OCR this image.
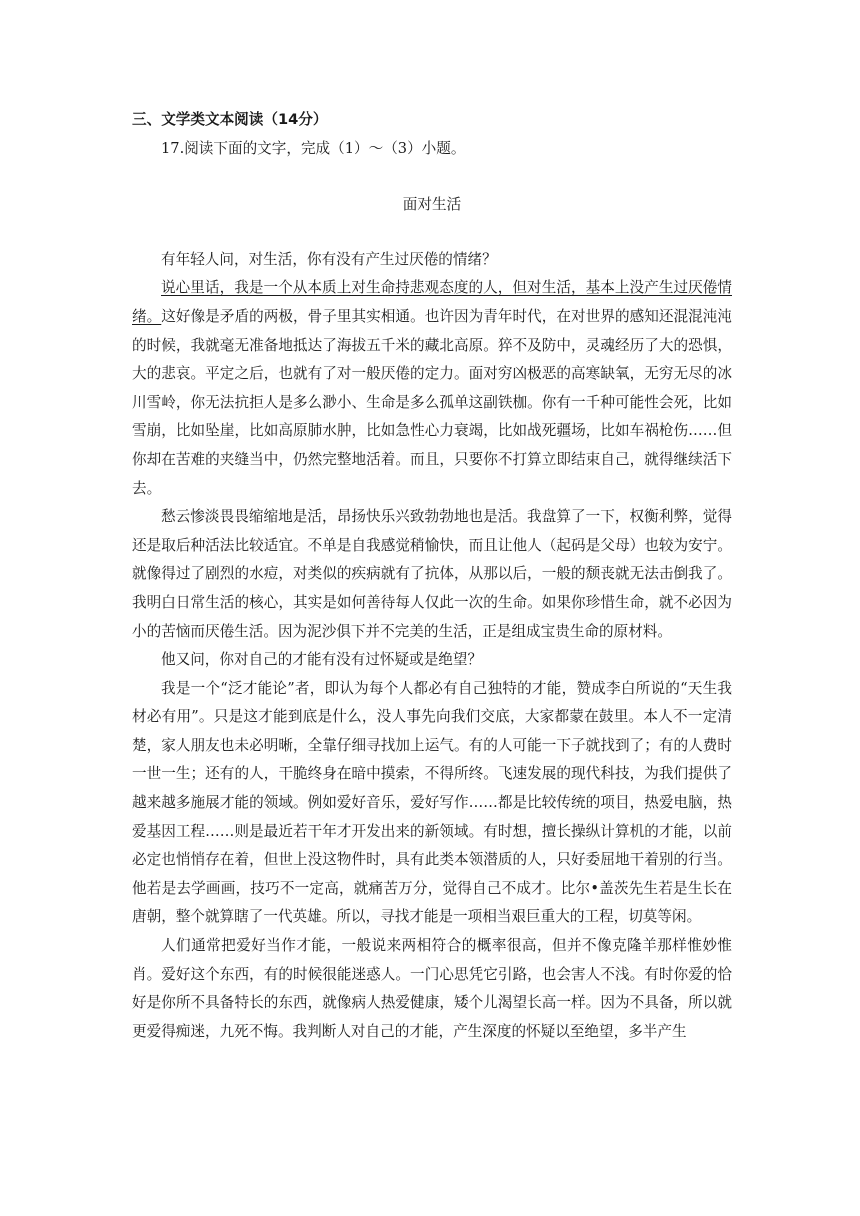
三、文学类文本阅读（14分）

17.阅读下面的文字，完成（1）～（3）小题。

面对生活

有年轻人问，对生活，你有没有产生过厌倦的情绪？

说心里话，我是一个从本质上对生命持悲观态度的人，但对生活，基本上没产生过厌倦情绪。这好像是矛盾的两极，骨子里其实相通。也许因为青年时代，在对世界的感知还混混沌沌的时候，我就毫无准备地抵达了海拔五千米的藏北高原。猝不及防中，灵魂经历了大的恐惧，大的悲哀。平定之后，也就有了对一般厌倦的定力。面对穷凶极恶的高寒缺氧，无穷无尽的冰川雪岭，你无法抗拒人是多么渺小、生命是多么孤单这副铁枷。你有一千种可能性会死，比如雪崩，比如坠崖，比如高原肺水肿，比如急性心力衰竭，比如战死疆场，比如车祸枪伤……但你却在苦难的夹缝当中，仍然完整地活着。而且，只要你不打算立即结束自己，就得继续活下去。

愁云惨淡畏畏缩缩地是活，昂扬快乐兴致勃勃地也是活。我盘算了一下，权衡利弊，觉得还是取后种活法比较适宜。不单是自我感觉稍愉快，而且让他人（起码是父母）也较为安宁。就像得过了剧烈的水痘，对类似的疾病就有了抗体，从那以后，一般的颓丧就无法击倒我了。我明白日常生活的核心，其实是如何善待每人仅此一次的生命。如果你珍惜生命，就不必因为小的苦恼而厌倦生活。因为泥沙俱下并不完美的生活，正是组成宝贵生命的原材料。

他又问，你对自己的才能有没有过怀疑或是绝望？

我是一个“泛才能论”者，即认为每个人都必有自己独特的才能，赞成李白所说的“天生我材必有用”。只是这才能到底是什么，没人事先向我们交底，大家都蒙在鼓里。本人不一定清楚，家人朋友也未必明晰，全靠仔细寻找加上运气。有的人可能一下子就找到了；有的人费时一世一生；还有的人，干脆终身在暗中摸索，不得所终。飞速发展的现代科技，为我们提供了越来越多施展才能的领域。例如爱好音乐，爱好写作……都是比较传统的项目，热爱电脑，热爱基因工程……则是最近若干年才开发出来的新领域。有时想，擅长操纵计算机的才能，以前必定也悄悄存在着，但世上没这物件时，具有此类本领潜质的人，只好委屈地干着别的行当。他若是去学画画，技巧不一定高，就痛苦万分，觉得自己不成才。比尔•盖茨先生若是生长在唐朝，整个就算瞎了一代英雄。所以，寻找才能是一项相当艰巨重大的工程，切莫等闲。

人们通常把爱好当作才能，一般说来两相符合的概率很高，但并不像克隆羊那样惟妙惟肖。爱好这个东西，有的时候很能迷惑人。一门心思凭它引路，也会害人不浅。有时你爱的恰好是你所不具备特长的东西，就像病人热爱健康，矮个儿渴望长高一样。因为不具备，所以就更爱得痴迷，九死不悔。我判断人对自己的才能，产生深度的怀疑以至绝望，多半产生
